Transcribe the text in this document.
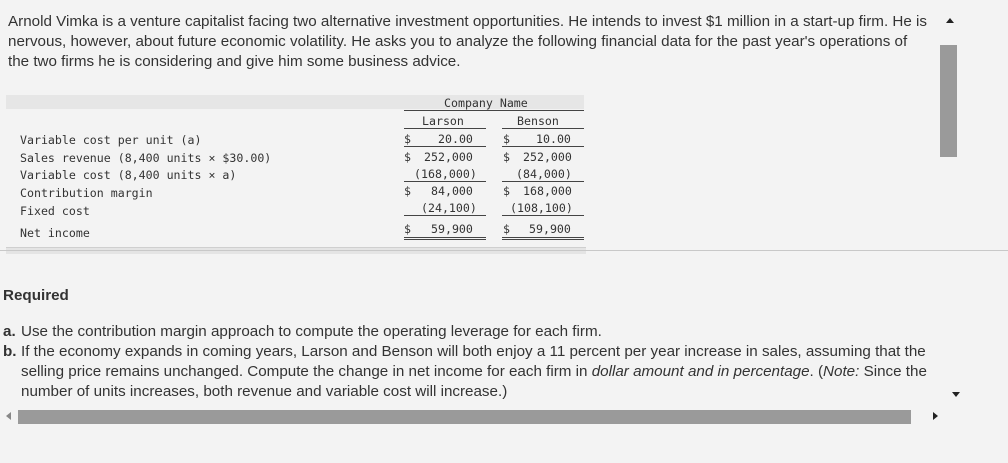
Arnold Vimka is a venture capitalist facing two alternative investment opportunities. He intends to invest $1 million in a start-up firm. He is nervous, however, about future economic volatility. He asks you to analyze the following financial data for the past year's operations of the two firms he is considering and give him some business advice.

Company Name
Larson	Benson
Variable cost per unit (a)	$ 20.00	$ 10.00
Sales revenue (8,400 units × $30.00)	$ 252,000	$ 252,000
Variable cost (8,400 units × a)	(168,000)	(84,000)
Contribution margin	$ 84,000	$ 168,000
Fixed cost	(24,100)	(108,100)
Net income	$ 59,900	$ 59,900
Required
a. Use the contribution margin approach to compute the operating leverage for each firm.
b. If the economy expands in coming years, Larson and Benson will both enjoy a 11 percent per year increase in sales, assuming that the selling price remains unchanged. Compute the change in net income for each firm in dollar amount and in percentage. (Note: Since the number of units increases, both revenue and variable cost will increase.)
